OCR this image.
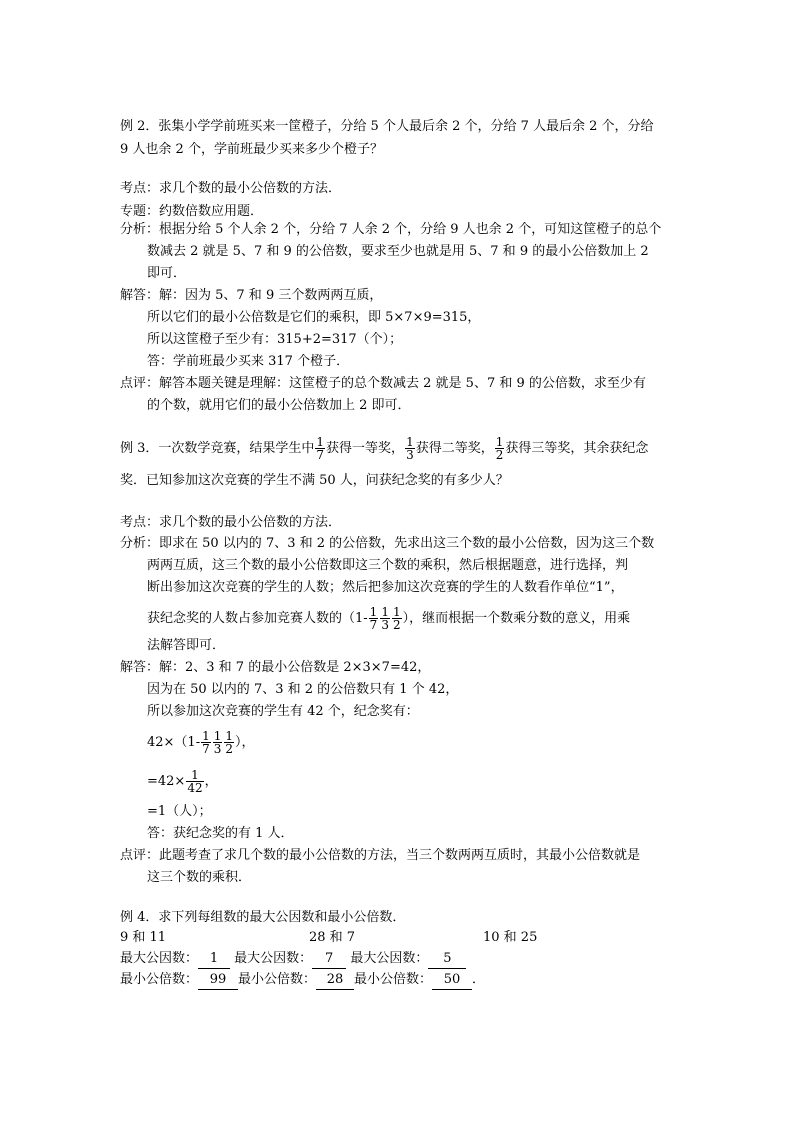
例 2．张集小学学前班买来一筐橙子，分给 5 个人最后余 2 个，分给 7 人最后余 2 个，分给
9 人也余 2 个，学前班最少买来多少个橙子？
考点：求几个数的最小公倍数的方法．
专题：约数倍数应用题．
分析：根据分给 5 个人余 2 个，分给 7 人余 2 个，分给 9 人也余 2 个，可知这筐橙子的总个
数减去 2 就是 5、7 和 9 的公倍数，要求至少也就是用 5、7 和 9 的最小公倍数加上 2
即可．
解答：解：因为 5、7 和 9 三个数两两互质，
所以它们的最小公倍数是它们的乘积，即 5×7×9=315，
所以这筐橙子至少有：315+2=317（个）；
答：学前班最少买来 317 个橙子．
点评：解答本题关键是理解：这筐橙子的总个数减去 2 就是 5、7 和 9 的公倍数，求至少有
的个数，就用它们的最小公倍数加上 2 即可．
例 3．一次数学竞赛，结果学生中 $\frac{1}{7}$ 获得一等奖， $\frac{1}{3}$ 获得二等奖， $\frac{1}{2}$ 获得三等奖，其余获纪念
奖．已知参加这次竞赛的学生不满 50 人，问获纪念奖的有多少人？
考点：求几个数的最小公倍数的方法．
分析：即求在 50 以内的 7、3 和 2 的公倍数，先求出这三个数的最小公倍数，因为这三个数
两两互质，这三个数的最小公倍数即这三个数的乘积，然后根据题意，进行选择，判
断出参加这次竞赛的学生的人数；然后把参加这次竞赛的学生的人数看作单位“1”，
获纪念奖的人数占参加竞赛人数的（$1- \frac{1}{7} \frac{1}{3} \frac{1}{2}$ ），继而根据一个数乘分数的意义，用乘
法解答即可．
解答：解：2、3 和 7 的最小公倍数是 2×3×7=42，
因为在 50 以内的 7、3 和 2 的公倍数只有 1 个 42，
所以参加这次竞赛的学生有 42 个，纪念奖有：
$42\times(1- \frac{1}{7} \frac{1}{3} \frac{1}{2}$ ），
$=42\times \frac{1}{42}$ ，
=1（人）；
答：获纪念奖的有 1 人．
点评：此题考查了求几个数的最小公倍数的方法，当三个数两两互质时，其最小公倍数就是
这三个数的乘积．
例 4．求下列每组数的最大公因数和最小公倍数．
9 和 11	28 和 7	10 和 25
最大公因数： 1 最大公因数： 7 最大公因数： 5
最小公倍数： 99 最小公倍数： 28 最小公倍数： 50 ．
